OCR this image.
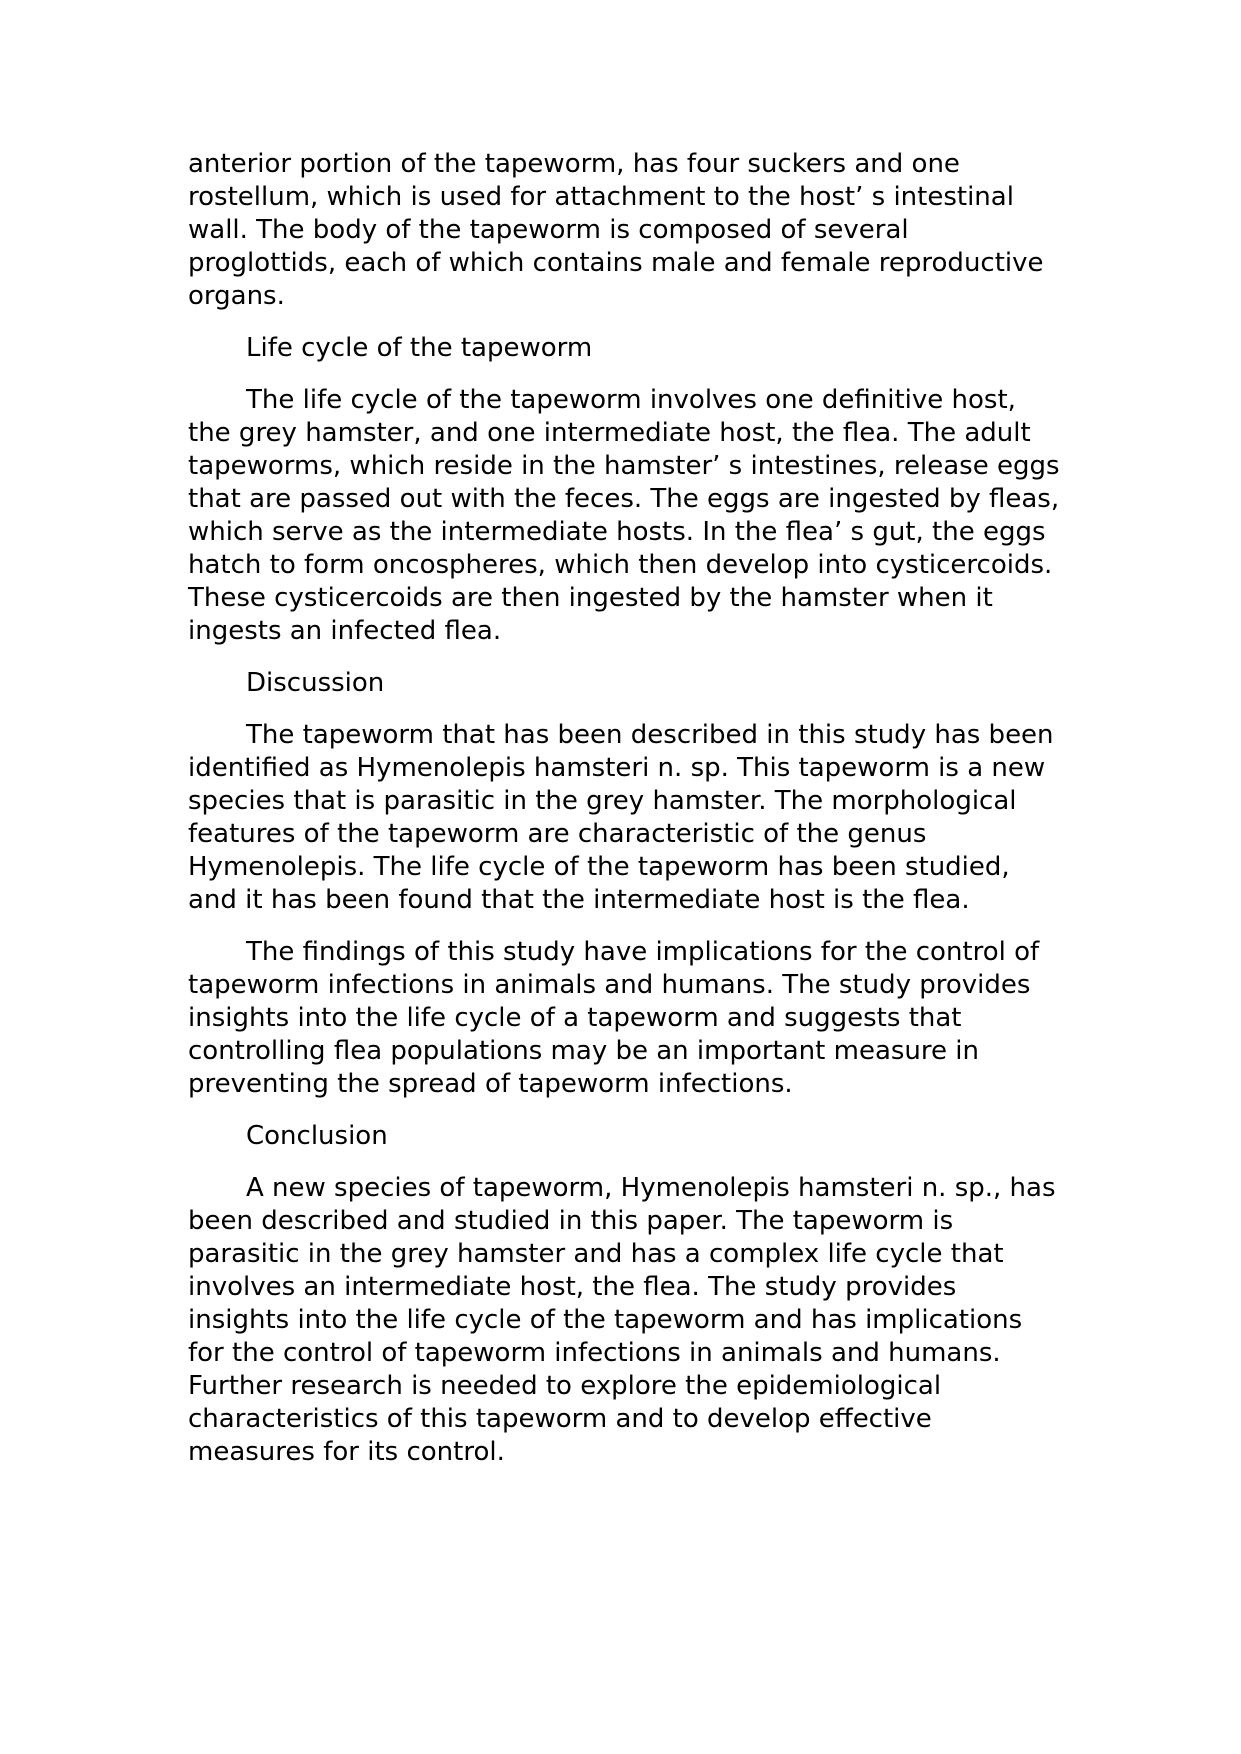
anterior portion of the tapeworm, has four suckers and one rostellum, which is used for attachment to the host’ s intestinal wall. The body of the tapeworm is composed of several proglottids, each of which contains male and female reproductive organs.

Life cycle of the tapeworm

The life cycle of the tapeworm involves one definitive host, the grey hamster, and one intermediate host, the flea. The adult tapeworms, which reside in the hamster’ s intestines, release eggs that are passed out with the feces. The eggs are ingested by fleas, which serve as the intermediate hosts. In the flea’ s gut, the eggs hatch to form oncospheres, which then develop into cysticercoids. These cysticercoids are then ingested by the hamster when it ingests an infected flea.

Discussion

The tapeworm that has been described in this study has been identified as Hymenolepis hamsteri n. sp. This tapeworm is a new species that is parasitic in the grey hamster. The morphological features of the tapeworm are characteristic of the genus Hymenolepis. The life cycle of the tapeworm has been studied, and it has been found that the intermediate host is the flea.

The findings of this study have implications for the control of tapeworm infections in animals and humans. The study provides insights into the life cycle of a tapeworm and suggests that controlling flea populations may be an important measure in preventing the spread of tapeworm infections.

Conclusion

A new species of tapeworm, Hymenolepis hamsteri n. sp., has been described and studied in this paper. The tapeworm is parasitic in the grey hamster and has a complex life cycle that involves an intermediate host, the flea. The study provides insights into the life cycle of the tapeworm and has implications for the control of tapeworm infections in animals and humans. Further research is needed to explore the epidemiological characteristics of this tapeworm and to develop effective measures for its control.
